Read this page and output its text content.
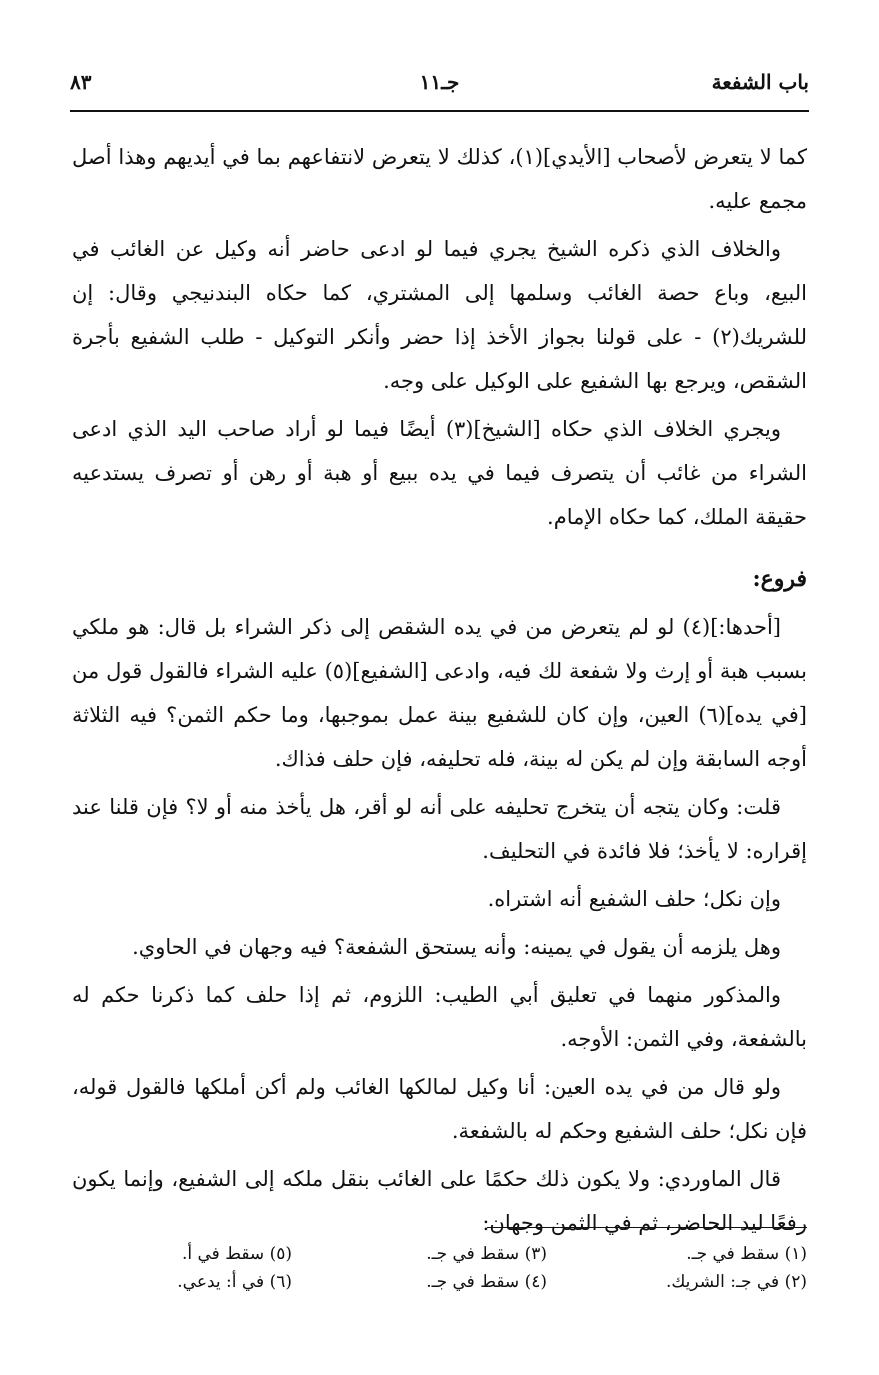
باب الشفعة
جـ١١
٨٣

كما لا يتعرض لأصحاب [الأيدي](١)، كذلك لا يتعرض لانتفاعهم بما في أيديهم وهذا أصل مجمع عليه.

والخلاف الذي ذكره الشيخ يجري فيما لو ادعى حاضر أنه وكيل عن الغائب في البيع، وباع حصة الغائب وسلمها إلى المشتري، كما حكاه البندنيجي وقال: إن للشريك(٢) - على قولنا بجواز الأخذ إذا حضر وأنكر التوكيل - طلب الشفيع بأجرة الشقص، ويرجع بها الشفيع على الوكيل على وجه.

ويجري الخلاف الذي حكاه [الشيخ](٣) أيضًا فيما لو أراد صاحب اليد الذي ادعى الشراء من غائب أن يتصرف فيما في يده ببيع أو هبة أو رهن أو تصرف يستدعيه حقيقة الملك، كما حكاه الإمام.

فروع:

[أحدها:](٤) لو لم يتعرض من في يده الشقص إلى ذكر الشراء بل قال: هو ملكي بسبب هبة أو إرث ولا شفعة لك فيه، وادعى [الشفيع](٥) عليه الشراء فالقول قول من [في يده](٦) العين، وإن كان للشفيع بينة عمل بموجبها، وما حكم الثمن؟ فيه الثلاثة أوجه السابقة وإن لم يكن له بينة، فله تحليفه، فإن حلف فذاك.

قلت: وكان يتجه أن يتخرج تحليفه على أنه لو أقر، هل يأخذ منه أو لا؟ فإن قلنا عند إقراره: لا يأخذ؛ فلا فائدة في التحليف.

وإن نكل؛ حلف الشفيع أنه اشتراه.

وهل يلزمه أن يقول في يمينه: وأنه يستحق الشفعة؟ فيه وجهان في الحاوي.

والمذكور منهما في تعليق أبي الطيب: اللزوم، ثم إذا حلف كما ذكرنا حكم له بالشفعة، وفي الثمن: الأوجه.

ولو قال من في يده العين: أنا وكيل لمالكها الغائب ولم أكن أملكها فالقول قوله، فإن نكل؛ حلف الشفيع وحكم له بالشفعة.

قال الماوردي: ولا يكون ذلك حكمًا على الغائب بنقل ملكه إلى الشفيع، وإنما يكون رفعًا ليد الحاضر، ثم في الثمن وجهان:

(١) سقط في جـ.
(٢) في جـ: الشريك.
(٣) سقط في جـ.
(٤) سقط في جـ.
(٥) سقط في أ.
(٦) في أ: يدعي.
